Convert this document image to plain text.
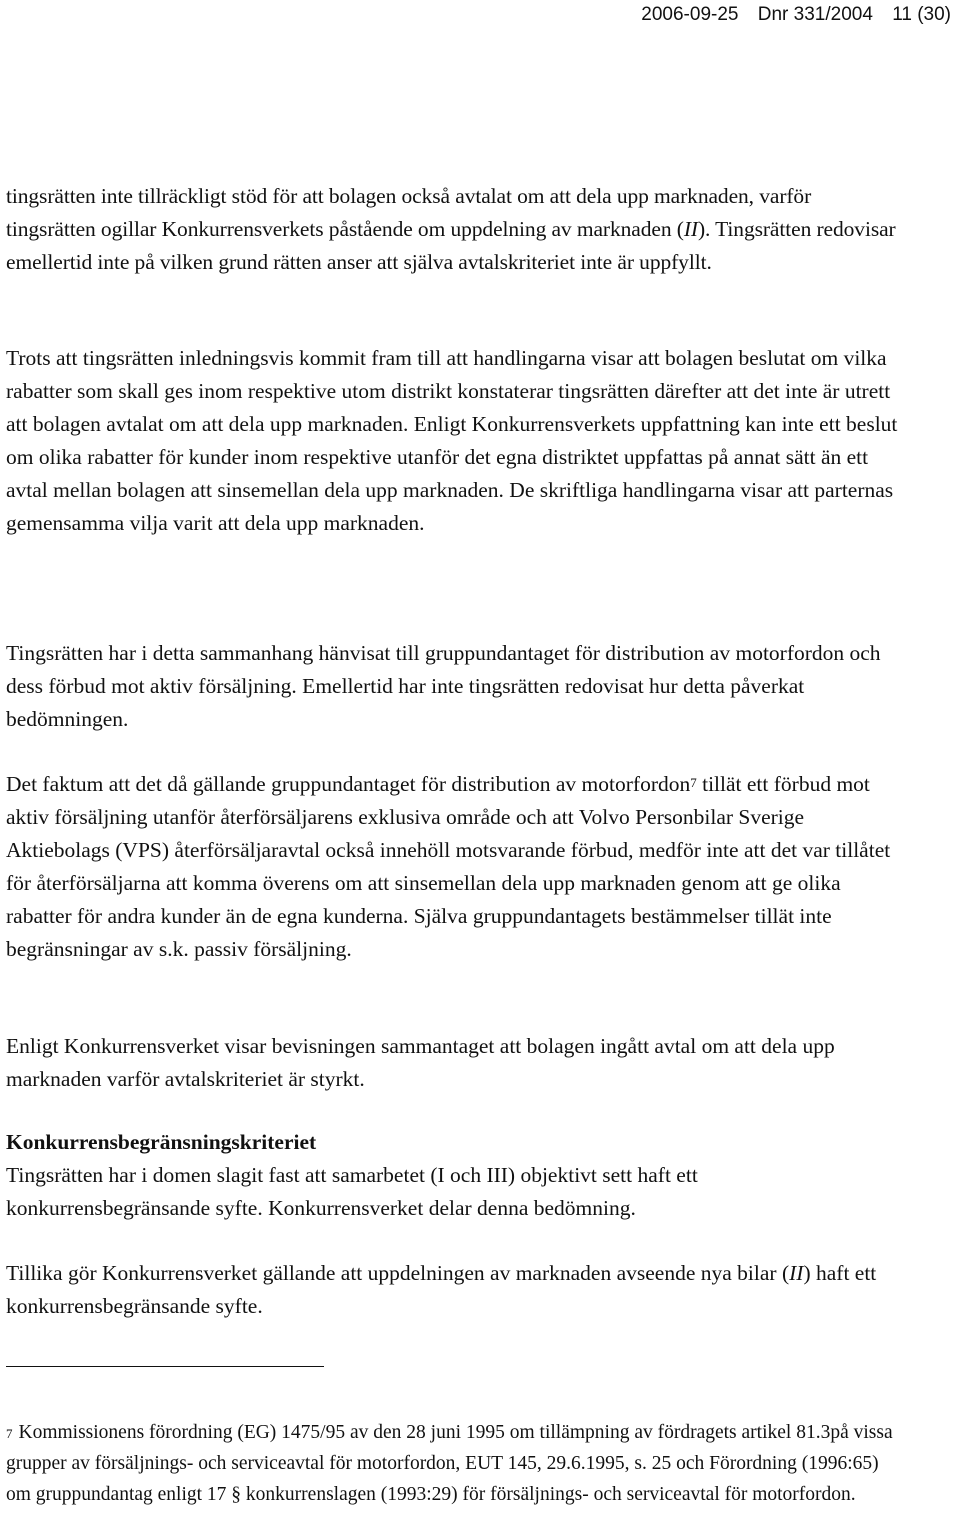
2006-09-25 Dnr 331/2004 11 (30)

tingsrätten inte tillräckligt stöd för att bolagen också avtalat om att dela upp marknaden, varför tingsrätten ogillar Konkurrensverkets påstående om uppdelning av marknaden (II). Tingsrätten redovisar emellertid inte på vilken grund rätten anser att själva avtalskriteriet inte är uppfyllt.

Trots att tingsrätten inledningsvis kommit fram till att handlingarna visar att bolagen beslutat om vilka rabatter som skall ges inom respektive utom distrikt konstaterar tingsrätten därefter att det inte är utrett att bolagen avtalat om att dela upp marknaden. Enligt Konkurrensverkets uppfattning kan inte ett beslut om olika rabatter för kunder inom respektive utanför det egna distriktet uppfattas på annat sätt än ett avtal mellan bolagen att sinsemellan dela upp marknaden. De skriftliga handlingarna visar att parternas gemensamma vilja varit att dela upp marknaden.

Tingsrätten har i detta sammanhang hänvisat till gruppundantaget för distribution av motorfordon och dess förbud mot aktiv försäljning. Emellertid har inte tingsrätten redovisat hur detta påverkat bedömningen.

Det faktum att det då gällande gruppundantaget för distribution av motorfordon$^7$ tillät ett förbud mot aktiv försäljning utanför återförsäljarens exklusiva område och att Volvo Personbilar Sverige Aktiebolags (VPS) återförsäljaravtal också innehöll motsvarande förbud, medför inte att det var tillåtet för återförsäljarna att komma överens om att sinsemellan dela upp marknaden genom att ge olika rabatter för andra kunder än de egna kunderna. Själva gruppundantagets bestämmelser tillät inte begränsningar av s.k. passiv försäljning.

Enligt Konkurrensverket visar bevisningen sammantaget att bolagen ingått avtal om att dela upp marknaden varför avtalskriteriet är styrkt.

Konkurrensbegränsningskriteriet

Tingsrätten har i domen slagit fast att samarbetet (I och III) objektivt sett haft ett konkurrensbegränsande syfte. Konkurrensverket delar denna bedömning.

Tillika gör Konkurrensverket gällande att uppdelningen av marknaden avseende nya bilar (II) haft ett konkurrensbegränsande syfte.

$^7$ Kommissionens förordning (EG) 1475/95 av den 28 juni 1995 om tillämpning av fördragets artikel 81.3på vissa grupper av försäljnings- och serviceavtal för motorfordon, EUT 145, 29.6.1995, s. 25 och Förordning (1996:65) om gruppundantag enligt 17 § konkurrenslagen (1993:29) för försäljnings- och serviceavtal för motorfordon.
